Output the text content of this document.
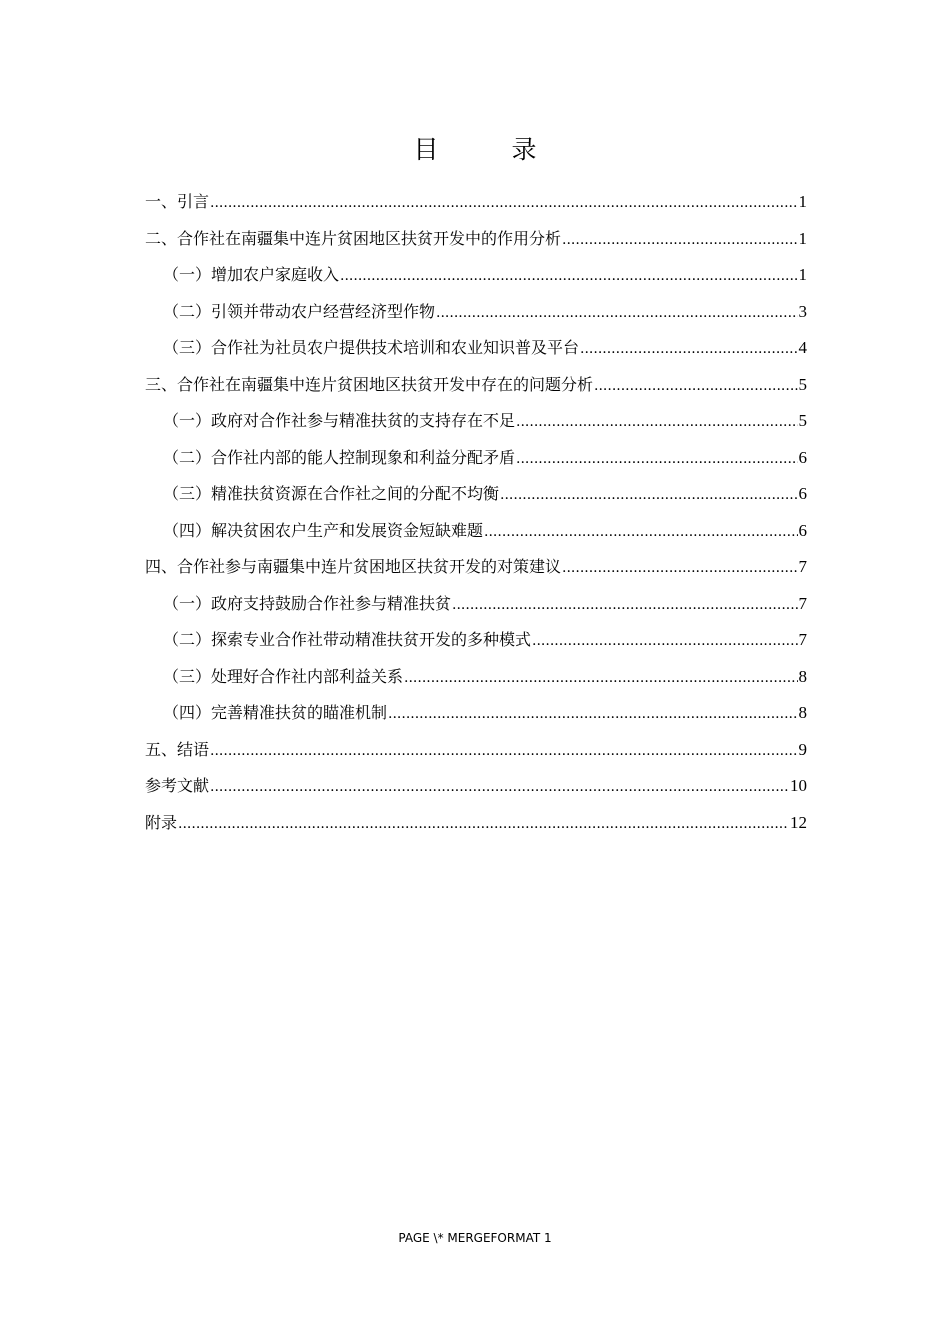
目　录
一、引言 .....	1
二、合作社在南疆集中连片贫困地区扶贫开发中的作用分析 .....	1
（一）增加农户家庭收入 .....	1
（二）引领并带动农户经营经济型作物 .....	3
（三）合作社为社员农户提供技术培训和农业知识普及平台 .....	4
三、合作社在南疆集中连片贫困地区扶贫开发中存在的问题分析 .....	5
（一）政府对合作社参与精准扶贫的支持存在不足 .....	5
（二）合作社内部的能人控制现象和利益分配矛盾 .....	6
（三）精准扶贫资源在合作社之间的分配不均衡 .....	6
（四）解决贫困农户生产和发展资金短缺难题 .....	6
四、合作社参与南疆集中连片贫困地区扶贫开发的对策建议 .....	7
（一）政府支持鼓励合作社参与精准扶贫 .....	7
（二）探索专业合作社带动精准扶贫开发的多种模式 .....	7
（三）处理好合作社内部利益关系 .....	8
（四）完善精准扶贫的瞄准机制 .....	8
五、结语 .....	9
参考文献 .....	10
附录 .....	12
PAGE \* MERGEFORMAT 1
